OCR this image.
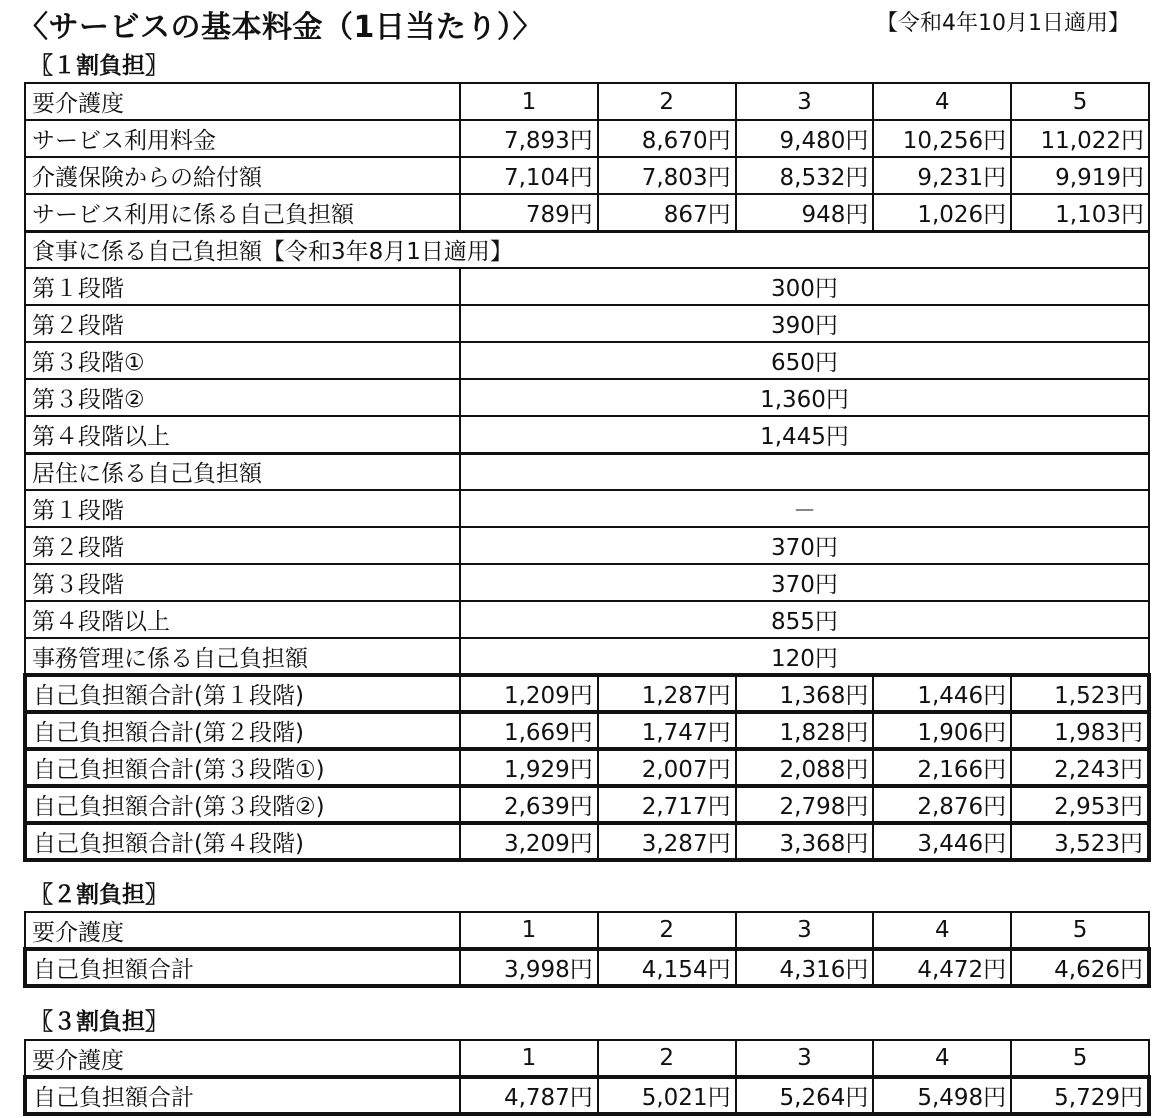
〈サービスの基本料金（1日当たり）〉	【令和4年10月1日適用】
〖１割負担〗
要介護度	1	2	3	4	5
サービス利用料金	7,893円	8,670円	9,480円	10,256円	11,022円
介護保険からの給付額	7,104円	7,803円	8,532円	9,231円	9,919円
サービス利用に係る自己負担額	789円	867円	948円	1,026円	1,103円
食事に係る自己負担額【令和3年8月1日適用】					
第１段階	300円				
第２段階	390円				
第３段階①	650円				
第３段階②	1,360円				
第４段階以上	1,445円				
居住に係る自己負担額					
第１段階	－				
第２段階	370円				
第３段階	370円				
第４段階以上	855円				
事務管理に係る自己負担額	120円				
自己負担額合計(第１段階)	1,209円	1,287円	1,368円	1,446円	1,523円
自己負担額合計(第２段階)	1,669円	1,747円	1,828円	1,906円	1,983円
自己負担額合計(第３段階①)	1,929円	2,007円	2,088円	2,166円	2,243円
自己負担額合計(第３段階②)	2,639円	2,717円	2,798円	2,876円	2,953円
自己負担額合計(第４段階)	3,209円	3,287円	3,368円	3,446円	3,523円
〖２割負担〗
要介護度	1	2	3	4	5
自己負担額合計	3,998円	4,154円	4,316円	4,472円	4,626円
〖３割負担〗
要介護度	1	2	3	4	5
自己負担額合計	4,787円	5,021円	5,264円	5,498円	5,729円
